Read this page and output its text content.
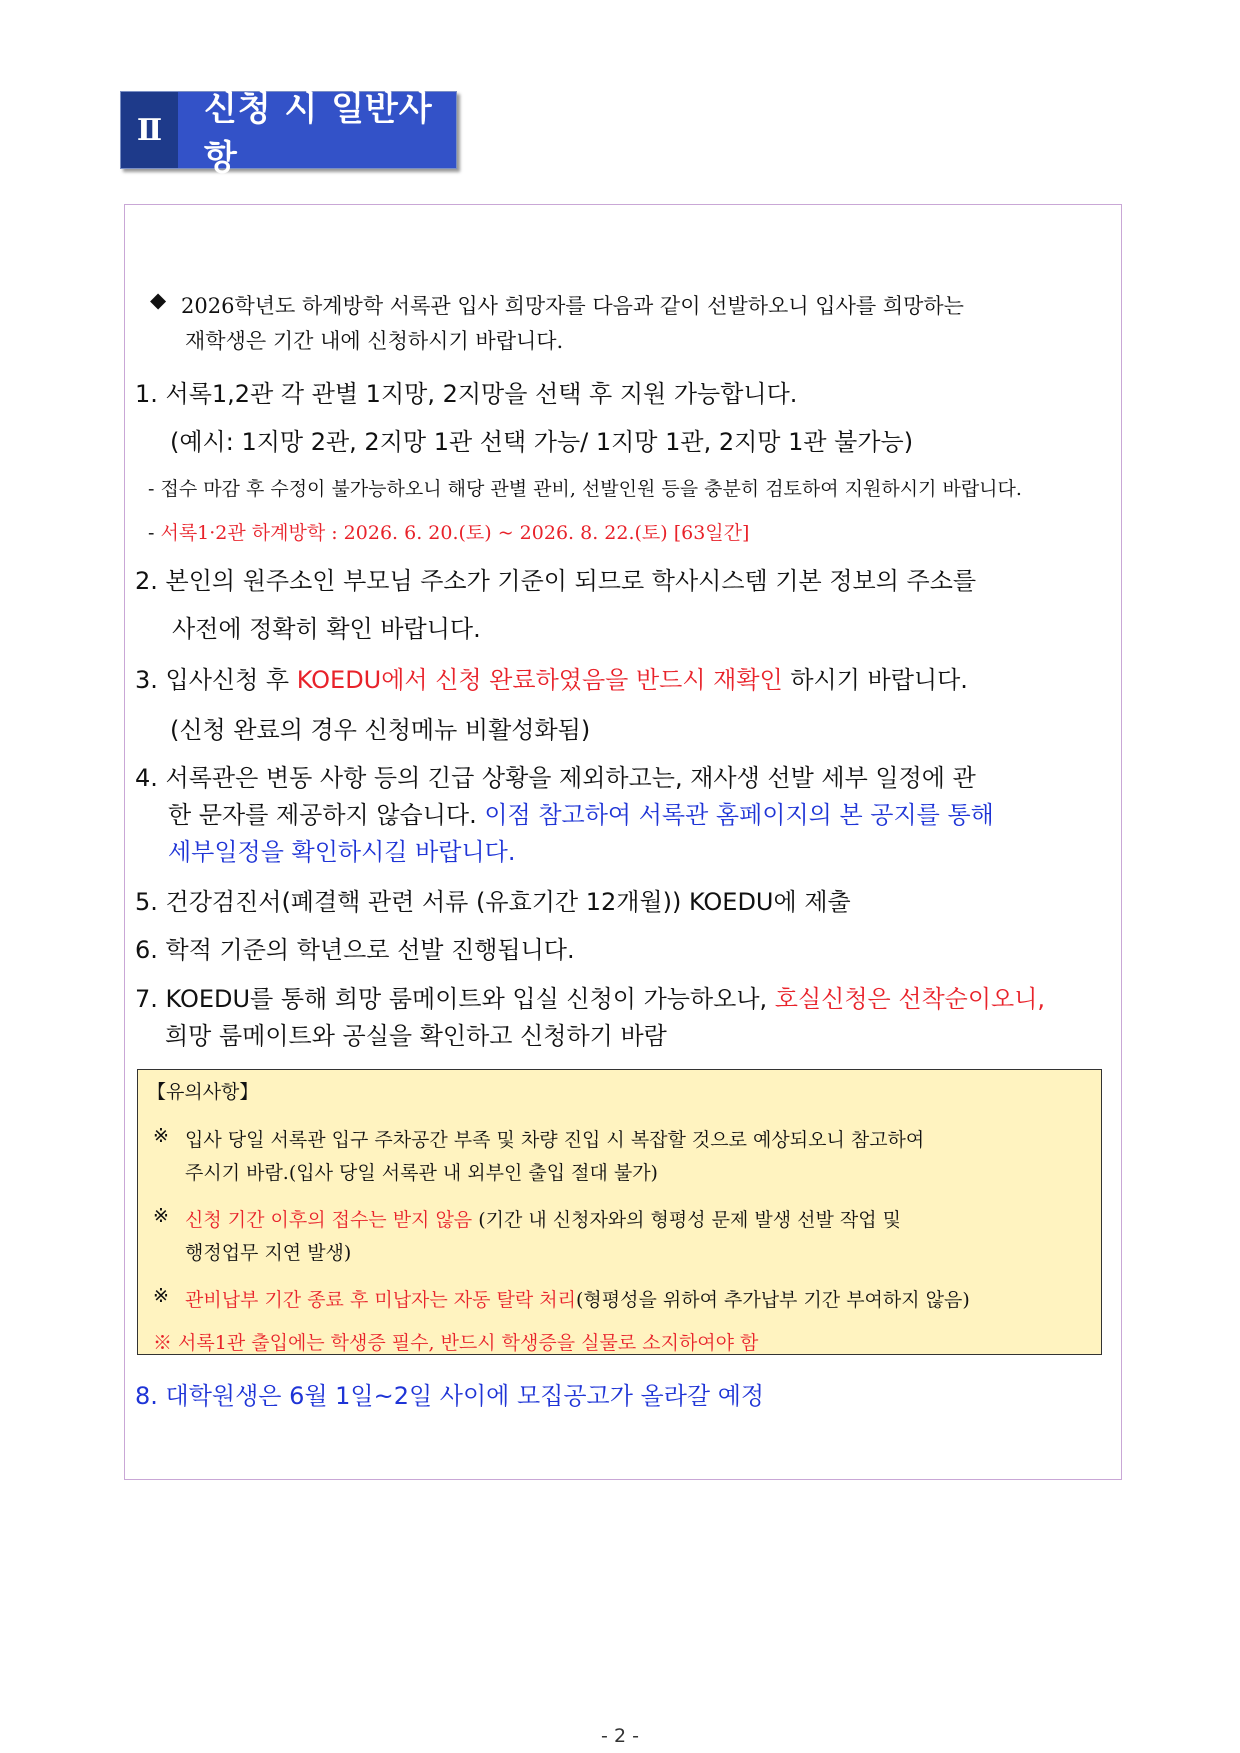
Ⅱ
신청 시 일반사항
◆ 2026학년도 하계방학 서록관 입사 희망자를 다음과 같이 선발하오니 입사를 희망하는
재학생은 기간 내에 신청하시기 바랍니다.
1. 서록1,2관 각 관별 1지망, 2지망을 선택 후 지원 가능합니다.
(예시: 1지망 2관, 2지망 1관 선택 가능/ 1지망 1관, 2지망 1관 불가능)
- 접수 마감 후 수정이 불가능하오니 해당 관별 관비, 선발인원 등을 충분히 검토하여 지원하시기 바랍니다.
- 서록1·2관 하계방학 : 2026. 6. 20.(토) ~ 2026. 8. 22.(토) [63일간]
2. 본인의 원주소인 부모님 주소가 기준이 되므로 학사시스템 기본 정보의 주소를
사전에 정확히 확인 바랍니다.
3. 입사신청 후 KOEDU에서 신청 완료하였음을 반드시 재확인 하시기 바랍니다.
(신청 완료의 경우 신청메뉴 비활성화됨)
4. 서록관은 변동 사항 등의 긴급 상황을 제외하고는, 재사생 선발 세부 일정에 관
한 문자를 제공하지 않습니다. 이점 참고하여 서록관 홈페이지의 본 공지를 통해
세부일정을 확인하시길 바랍니다.
5. 건강검진서(폐결핵 관련 서류 (유효기간 12개월)) KOEDU에 제출
6. 학적 기준의 학년으로 선발 진행됩니다.
7. KOEDU를 통해 희망 룸메이트와 입실 신청이 가능하오나, 호실신청은 선착순이오니,
희망 룸메이트와 공실을 확인하고 신청하기 바람
【유의사항】
※ 입사 당일 서록관 입구 주차공간 부족 및 차량 진입 시 복잡할 것으로 예상되오니 참고하여
주시기 바람.(입사 당일 서록관 내 외부인 출입 절대 불가)
※ 신청 기간 이후의 접수는 받지 않음 (기간 내 신청자와의 형평성 문제 발생 선발 작업 및
행정업무 지연 발생)
※ 관비납부 기간 종료 후 미납자는 자동 탈락 처리(형평성을 위하여 추가납부 기간 부여하지 않음)
※ 서록1관 출입에는 학생증 필수, 반드시 학생증을 실물로 소지하여야 함
8. 대학원생은 6월 1일~2일 사이에 모집공고가 올라갈 예정
- 2 -
